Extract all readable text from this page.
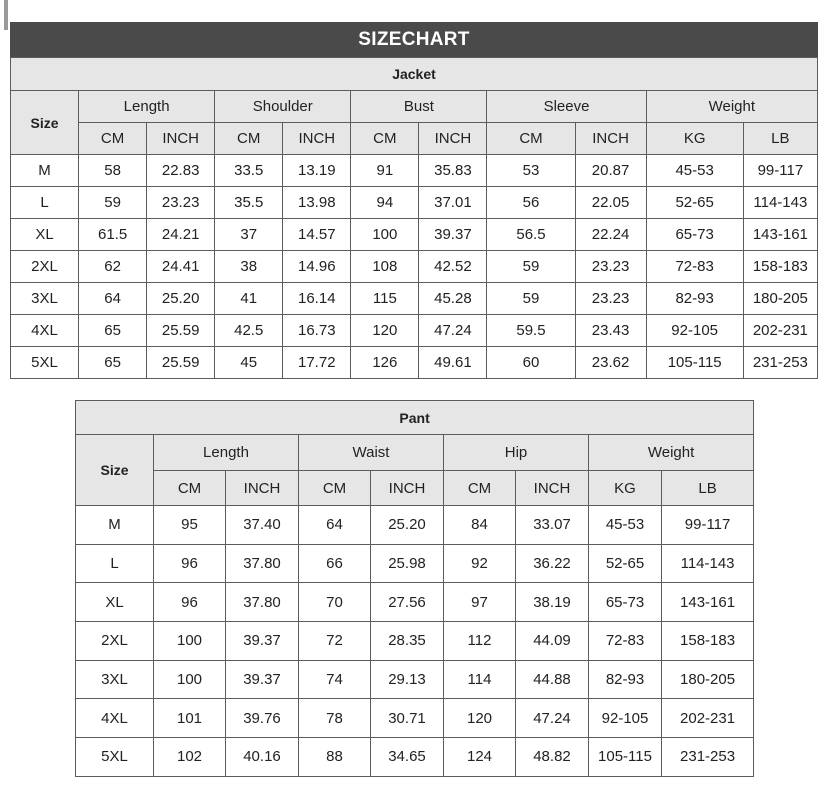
SIZECHART
Jacket										
Size	Length		Shoulder		Bust		Sleeve		Weight	
	CM	INCH	CM	INCH	CM	INCH	CM	INCH	KG	LB
M	58	22.83	33.5	13.19	91	35.83	53	20.87	45-53	99-117
L	59	23.23	35.5	13.98	94	37.01	56	22.05	52-65	114-143
XL	61.5	24.21	37	14.57	100	39.37	56.5	22.24	65-73	143-161
2XL	62	24.41	38	14.96	108	42.52	59	23.23	72-83	158-183
3XL	64	25.20	41	16.14	115	45.28	59	23.23	82-93	180-205
4XL	65	25.59	42.5	16.73	120	47.24	59.5	23.43	92-105	202-231
5XL	65	25.59	45	17.72	126	49.61	60	23.62	105-115	231-253
Pant								
Size	Length		Waist		Hip		Weight	
	CM	INCH	CM	INCH	CM	INCH	KG	LB
M	95	37.40	64	25.20	84	33.07	45-53	99-117
L	96	37.80	66	25.98	92	36.22	52-65	114-143
XL	96	37.80	70	27.56	97	38.19	65-73	143-161
2XL	100	39.37	72	28.35	112	44.09	72-83	158-183
3XL	100	39.37	74	29.13	114	44.88	82-93	180-205
4XL	101	39.76	78	30.71	120	47.24	92-105	202-231
5XL	102	40.16	88	34.65	124	48.82	105-115	231-253
